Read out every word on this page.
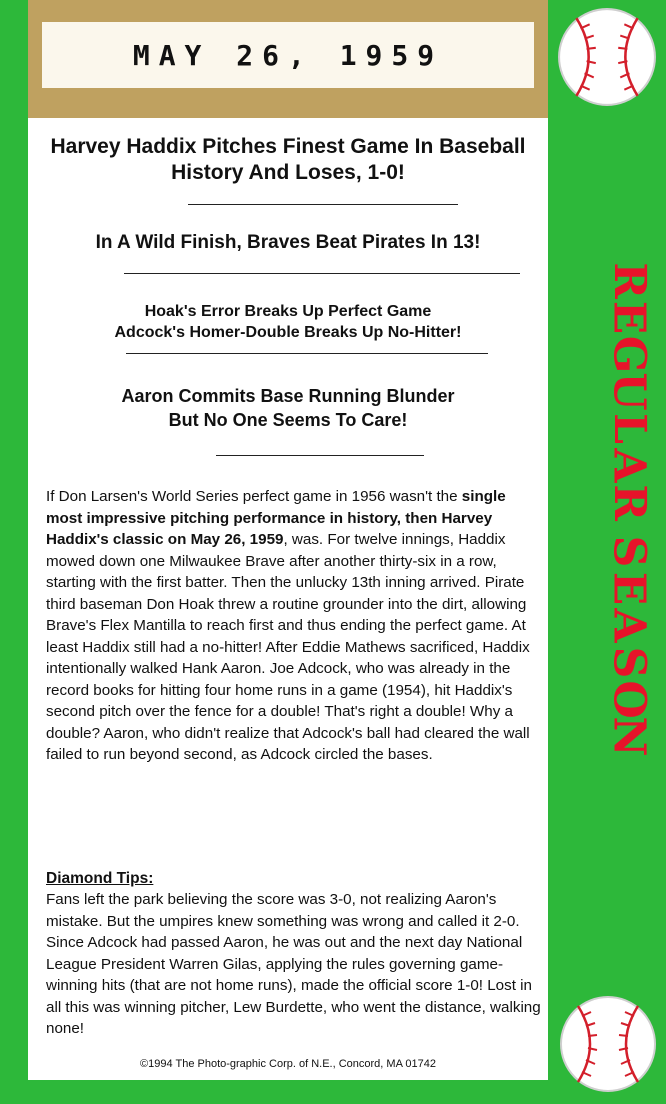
MAY 26, 1959
Harvey Haddix Pitches Finest Game In Baseball History And Loses, 1-0!
In A Wild Finish, Braves Beat Pirates In 13!
Hoak's Error Breaks Up Perfect Game
Adcock's Homer-Double Breaks Up No-Hitter!
Aaron Commits Base Running Blunder
But No One Seems To Care!
If Don Larsen's World Series perfect game in 1956 wasn't the single most impressive pitching performance in history, then Harvey Haddix's classic on May 26, 1959, was. For twelve innings, Haddix mowed down one Milwaukee Brave after another thirty-six in a row, starting with the first batter. Then the unlucky 13th inning arrived. Pirate third baseman Don Hoak threw a routine grounder into the dirt, allowing Brave's Flex Mantilla to reach first and thus ending the perfect game. At least Haddix still had a no-hitter! After Eddie Mathews sacrificed, Haddix intentionally walked Hank Aaron. Joe Adcock, who was already in the record books for hitting four home runs in a game (1954), hit Haddix's second pitch over the fence for a double! That's right a double! Why a double? Aaron, who didn't realize that Adcock's ball had cleared the wall failed to run beyond second, as Adcock circled the bases.
Diamond Tips:
Fans left the park believing the score was 3-0, not realizing Aaron's mistake. But the umpires knew something was wrong and called it 2-0. Since Adcock had passed Aaron, he was out and the next day National League President Warren Gilas, applying the rules governing game-winning hits (that are not home runs), made the official score 1-0! Lost in all this was winning pitcher, Lew Burdette, who went the distance, walking none!
©1994 The Photo-graphic Corp. of N.E., Concord, MA 01742
R
E
G
U
L
A
R
S
E
A
S
O
N
